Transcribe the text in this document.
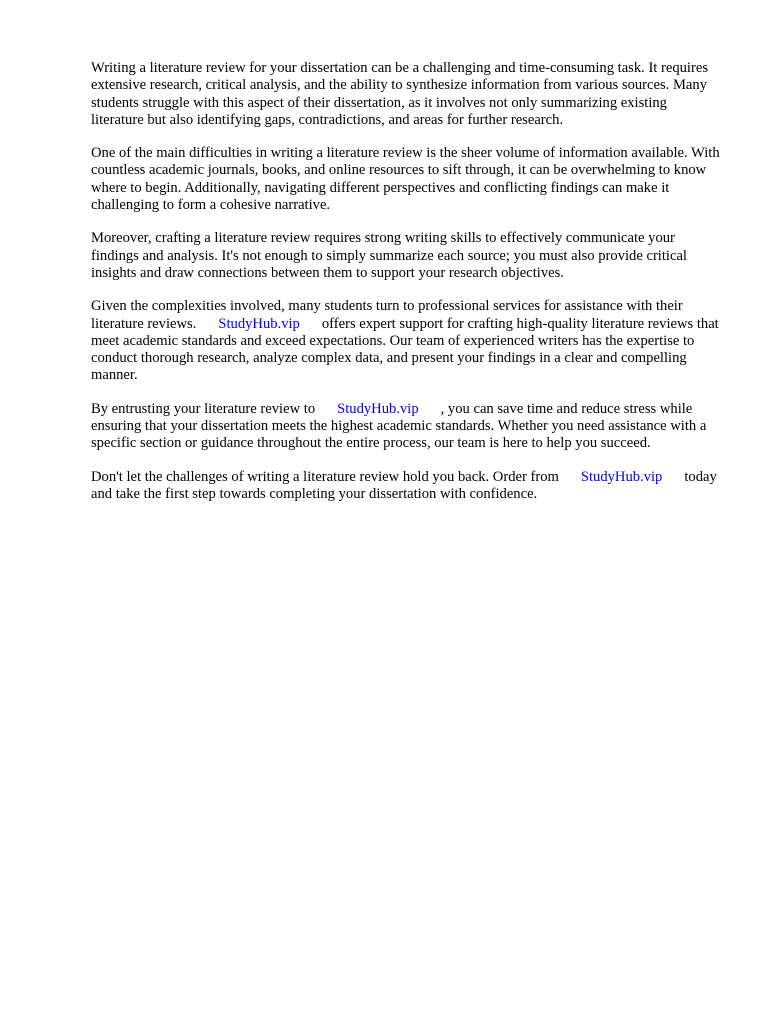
Writing a literature review for your dissertation can be a challenging and time-consuming task. It requires extensive research, critical analysis, and the ability to synthesize information from various sources. Many students struggle with this aspect of their dissertation, as it involves not only summarizing existing literature but also identifying gaps, contradictions, and areas for further research.

One of the main difficulties in writing a literature review is the sheer volume of information available. With countless academic journals, books, and online resources to sift through, it can be overwhelming to know where to begin. Additionally, navigating different perspectives and conflicting findings can make it challenging to form a cohesive narrative.

Moreover, crafting a literature review requires strong writing skills to effectively communicate your findings and analysis. It's not enough to simply summarize each source; you must also provide critical insights and draw connections between them to support your research objectives.

Given the complexities involved, many students turn to professional services for assistance with their literature reviews. StudyHub.vip offers expert support for crafting high-quality literature reviews that meet academic standards and exceed expectations. Our team of experienced writers has the expertise to conduct thorough research, analyze complex data, and present your findings in a clear and compelling manner.

By entrusting your literature review to StudyHub.vip , you can save time and reduce stress while ensuring that your dissertation meets the highest academic standards. Whether you need assistance with a specific section or guidance throughout the entire process, our team is here to help you succeed.

Don't let the challenges of writing a literature review hold you back. Order from StudyHub.vip today and take the first step towards completing your dissertation with confidence.
